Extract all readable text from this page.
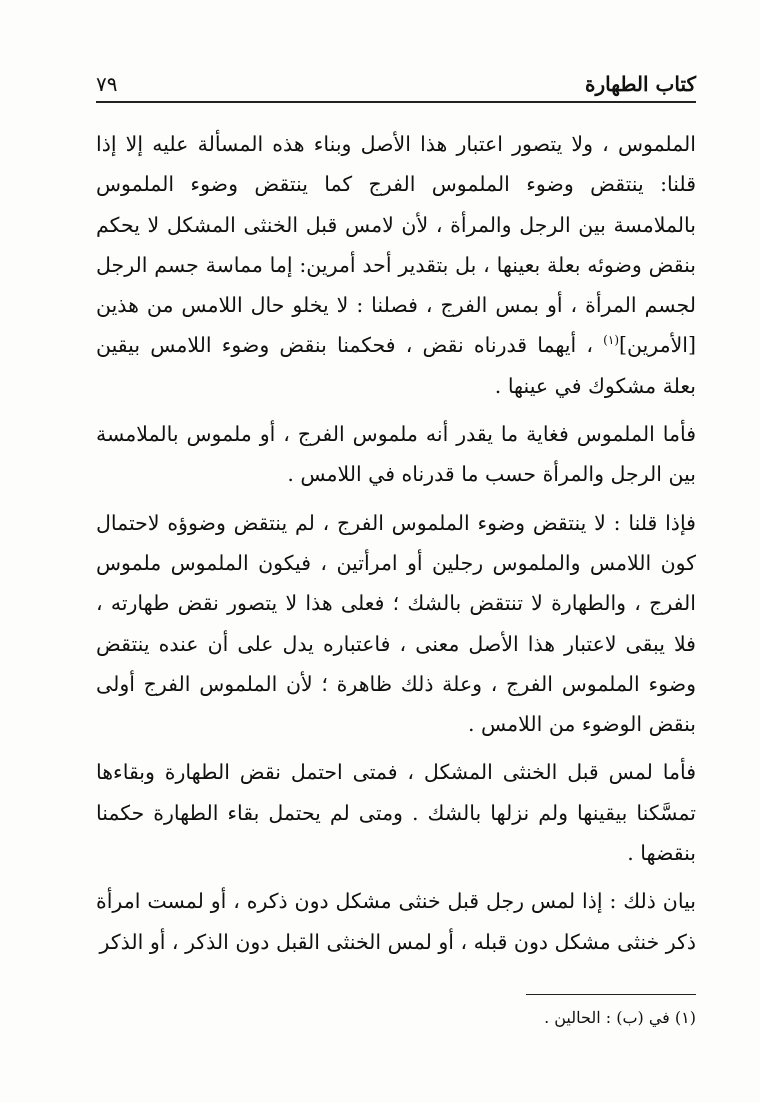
كتاب الطهارة
٧٩

الملموس ، ولا يتصور اعتبار هذا الأصل وبناء هذه المسألة عليه إلا إذا قلنا: ينتقض وضوء الملموس الفرج كما ينتقض وضوء الملموس بالملامسة بين الرجل والمرأة ، لأن لامس قبل الخنثى المشكل لا يحكم بنقض وضوئه بعلة بعينها ، بل بتقدير أحد أمرين: إما مماسة جسم الرجل لجسم المرأة ، أو بمس الفرج ، فصلنا : لا يخلو حال اللامس من هذين [الأمرين]$^{(١)}$ ، أيهما قدرناه نقض ، فحكمنا بنقض وضوء اللامس بيقين بعلة مشكوك في عينها .

فأما الملموس فغاية ما يقدر أنه ملموس الفرج ، أو ملموس بالملامسة بين الرجل والمرأة حسب ما قدرناه في اللامس .

فإذا قلنا : لا ينتقض وضوء الملموس الفرج ، لم ينتقض وضوؤه لاحتمال كون اللامس والملموس رجلين أو امرأتين ، فيكون الملموس ملموس الفرج ، والطهارة لا تنتقض بالشك ؛ فعلى هذا لا يتصور نقض طهارته ، فلا يبقى لاعتبار هذا الأصل معنى ، فاعتباره يدل على أن عنده ينتقض وضوء الملموس الفرج ، وعلة ذلك ظاهرة ؛ لأن الملموس الفرج أولى بنقض الوضوء من اللامس .

فأما لمس قبل الخنثى المشكل ، فمتى احتمل نقض الطهارة وبقاءها تمسَّكنا بيقينها ولم نزلها بالشك . ومتى لم يحتمل بقاء الطهارة حكمنا بنقضها .

بيان ذلك : إذا لمس رجل قبل خنثى مشكل دون ذكره ، أو لمست امرأة ذكر خنثى مشكل دون قبله ، أو لمس الخنثى القبل دون الذكر ، أو الذكر

(١) في (ب) : الحالين .
